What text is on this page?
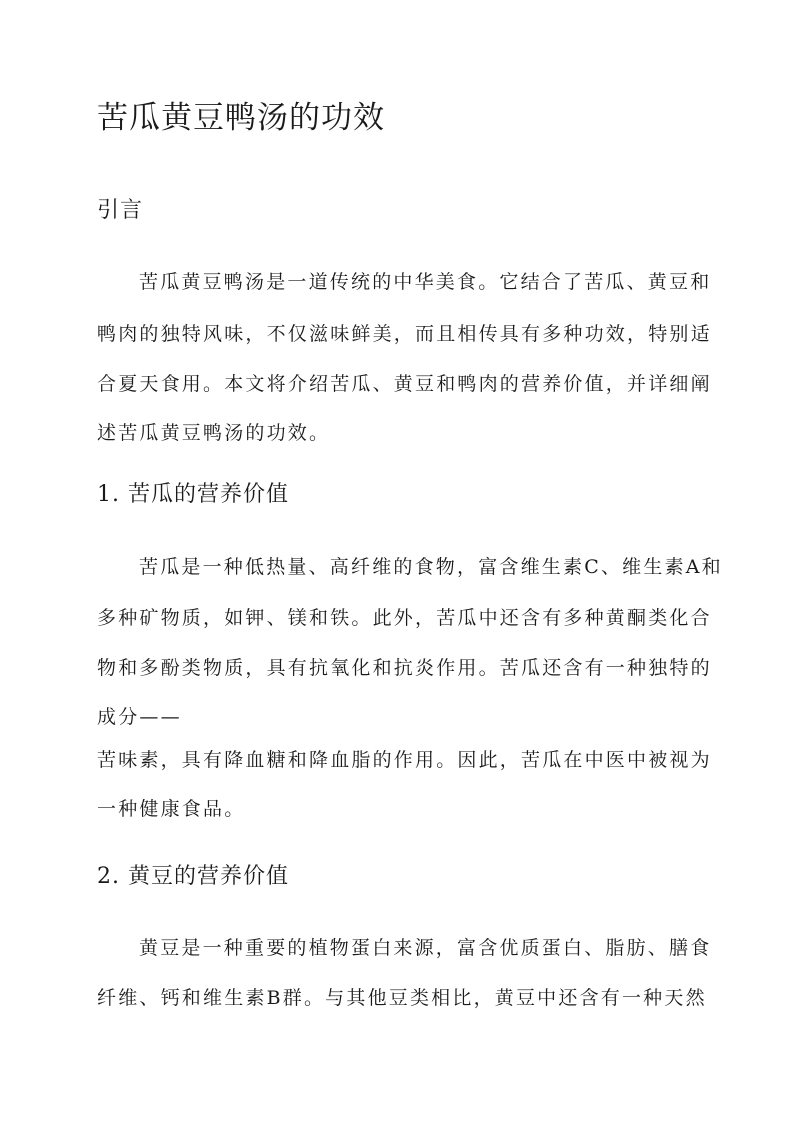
苦瓜黄豆鸭汤的功效
引言

苦瓜黄豆鸭汤是一道传统的中华美食。它结合了苦瓜、黄豆和

鸭肉的独特风味，不仅滋味鲜美，而且相传具有多种功效，特别适

合夏天食用。本文将介绍苦瓜、黄豆和鸭肉的营养价值，并详细阐

述苦瓜黄豆鸭汤的功效。

1. 苦瓜的营养价值

苦瓜是一种低热量、高纤维的食物，富含维生素C、维生素A和

多种矿物质，如钾、镁和铁。此外，苦瓜中还含有多种黄酮类化合

物和多酚类物质，具有抗氧化和抗炎作用。苦瓜还含有一种独特的

成分——

苦味素，具有降血糖和降血脂的作用。因此，苦瓜在中医中被视为

一种健康食品。

2. 黄豆的营养价值

黄豆是一种重要的植物蛋白来源，富含优质蛋白、脂肪、膳食

纤维、钙和维生素B群。与其他豆类相比，黄豆中还含有一种天然
